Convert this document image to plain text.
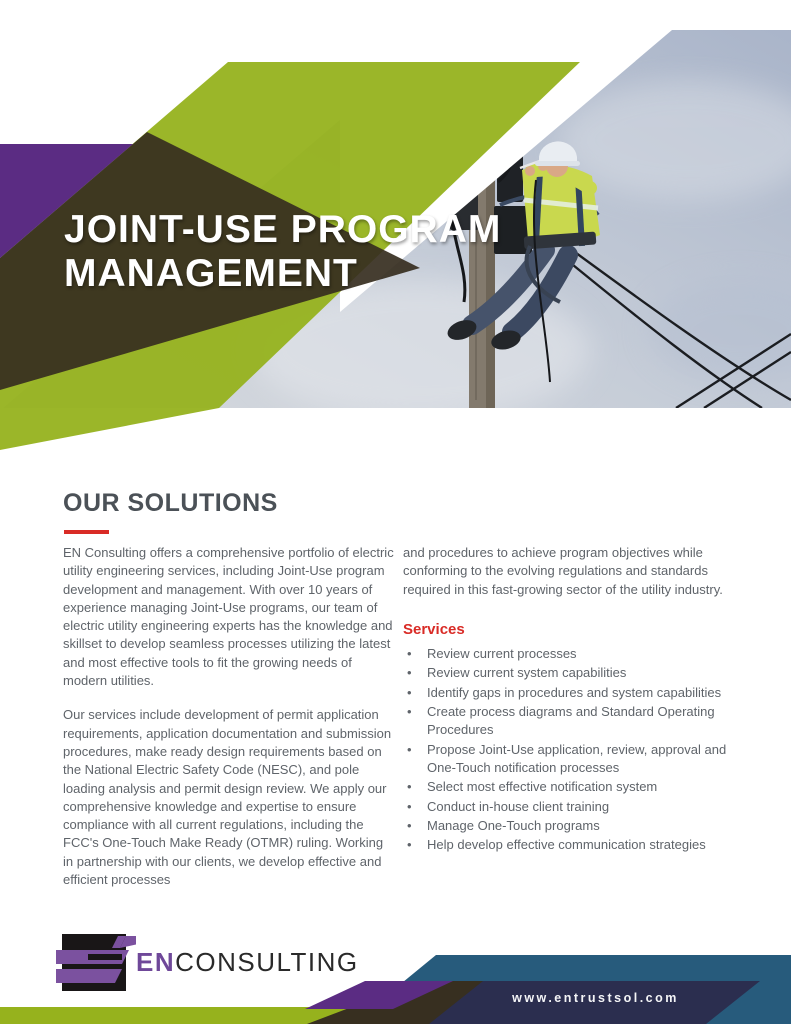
JOINT-USE PROGRAM
MANAGEMENT
OUR SOLUTIONS

EN Consulting offers a comprehensive portfolio of electric utility engineering services, including Joint-Use program development and management. With over 10 years of experience managing Joint-Use programs, our team of electric utility engineering experts has the knowledge and skillset to develop seamless processes utilizing the latest and most effective tools to fit the growing needs of modern utilities.

Our services include development of permit application requirements, application documentation and submission procedures, make ready design requirements based on the National Electric Safety Code (NESC), and pole loading analysis and permit design review. We apply our comprehensive knowledge and expertise to ensure compliance with all current regulations, including the FCC's One-Touch Make Ready (OTMR) ruling. Working in partnership with our clients, we develop effective and efficient processes

and procedures to achieve program objectives while conforming to the evolving regulations and standards required in this fast-growing sector of the utility industry.

Services
• Review current processes
• Review current system capabilities
• Identify gaps in procedures and system capabilities
• Create process diagrams and Standard Operating Procedures
• Propose Joint-Use application, review, approval and One-Touch notification processes
• Select most effective notification system
• Conduct in-house client training
• Manage One-Touch programs
• Help develop effective communication strategies
ENCONSULTING
www.entrustsol.com
